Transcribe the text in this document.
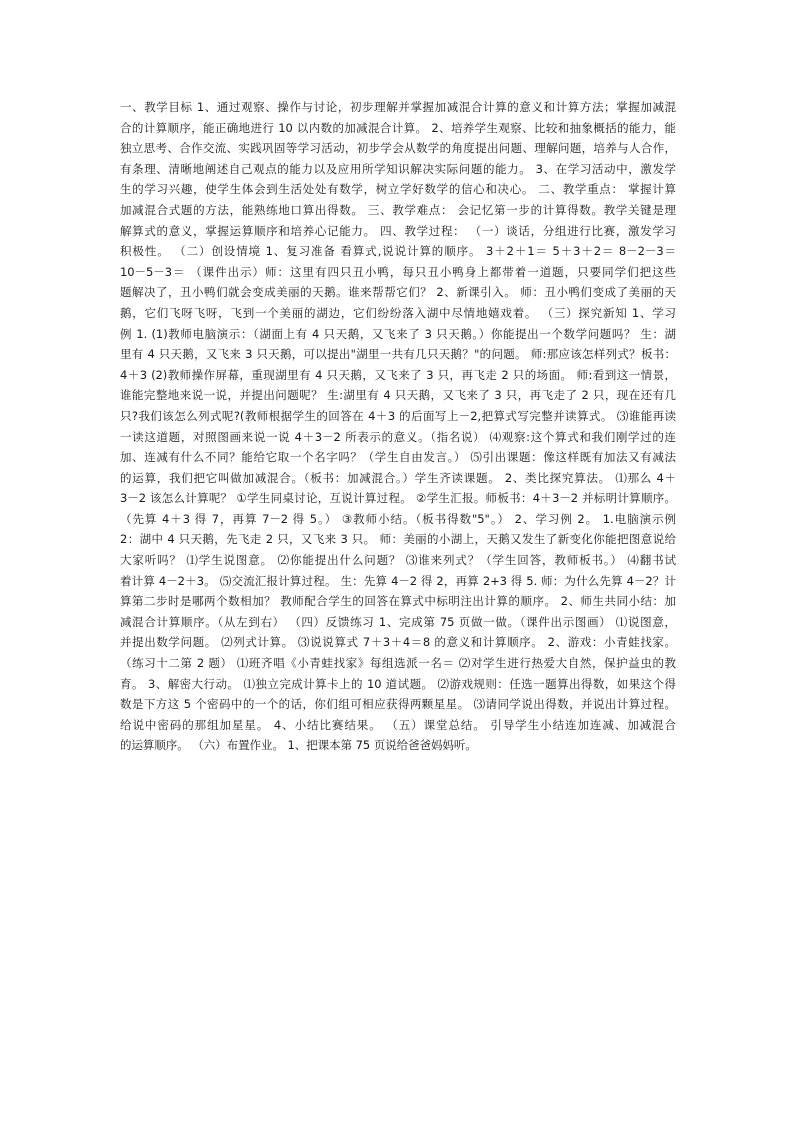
一、教学目标 1、通过观察、操作与讨论，初步理解并掌握加减混合计算的意义和计算方法；掌握加减混
合的计算顺序，能正确地进行 10 以内数的加减混合计算。 2、培养学生观察、比较和抽象概括的能力，能
独立思考、合作交流、实践巩固等学习活动，初步学会从数学的角度提出问题、理解问题，培养与人合作，
有条理、清晰地阐述自己观点的能力以及应用所学知识解决实际问题的能力。 3、在学习活动中，激发学
生的学习兴趣，使学生体会到生活处处有数学，树立学好数学的信心和决心。 二、教学重点： 掌握计算
加减混合式题的方法，能熟练地口算出得数。 三、教学难点： 会记忆第一步的计算得数。教学关键是理
解算式的意义，掌握运算顺序和培养心记能力。 四、教学过程： （一）谈话，分组进行比赛，激发学习
积极性。 （二）创设情境 1、复习准备 看算式,说说计算的顺序。 3＋2＋1＝ 5＋3＋2＝ 8－2－3＝
10－5－3＝ （课件出示）师：这里有四只丑小鸭，每只丑小鸭身上都带着一道题，只要同学们把这些
题解决了，丑小鸭们就会变成美丽的天鹅。谁来帮帮它们？ 2、新课引入。 师：丑小鸭们变成了美丽的天
鹅，它们飞呀飞呀，飞到一个美丽的湖边，它们纷纷落入湖中尽情地嬉戏着。 （三）探究新知 1、学习
例 1. (1)教师电脑演示：（湖面上有 4 只天鹅，又飞来了 3 只天鹅。）你能提出一个数学问题吗？ 生：湖
里有 4 只天鹅，又飞来 3 只天鹅，可以提出"湖里一共有几只天鹅？"的问题。 师:那应该怎样列式？板书：
4＋3 (2)教师操作屏幕，重现湖里有 4 只天鹅，又飞来了 3 只，再飞走 2 只的场面。 师:看到这一情景，
谁能完整地来说一说，并提出问题呢？ 生:湖里有 4 只天鹅，又飞来了 3 只，再飞走了 2 只，现在还有几
只?我们该怎么列式呢?(教师根据学生的回答在 4＋3 的后面写上－2,把算式写完整并读算式。 ⑶谁能再读
一读这道题，对照图画来说一说 4＋3－2 所表示的意义。（指名说） ⑷观察:这个算式和我们刚学过的连
加、连减有什么不同？能给它取一个名字吗？（学生自由发言。） ⑸引出课题：像这样既有加法又有减法
的运算，我们把它叫做加减混合。（板书：加减混合。）学生齐读课题。 2、类比探究算法。 ⑴那么 4＋
3－2 该怎么计算呢？ ①学生同桌讨论，互说计算过程。 ②学生汇报。师板书：4＋3－2 并标明计算顺序。
（先算 4＋3 得 7，再算 7－2 得 5。） ③教师小结。（板书得数"5"。） 2、学习例 2。 1.电脑演示例
2：湖中 4 只天鹅，先飞走 2 只，又飞来 3 只。 师：美丽的小湖上，天鹅又发生了新变化你能把图意说给
大家听吗？ ⑴学生说图意。 ⑵你能提出什么问题？ ⑶谁来列式？（学生回答，教师板书。） ⑷翻书试
着计算 4－2＋3。 ⑸交流汇报计算过程。 生：先算 4－2 得 2，再算 2+3 得 5. 师：为什么先算 4－2？计
算第二步时是哪两个数相加？ 教师配合学生的回答在算式中标明注出计算的顺序。 2、师生共同小结：加
减混合计算顺序。（从左到右） （四）反馈练习 1、完成第 75 页做一做。（课件出示图画） ⑴说图意，
并提出数学问题。 ⑵列式计算。 ⑶说说算式 7＋3＋4＝8 的意义和计算顺序。 2、游戏：小青蛙找家。
（练习十二第 2 题） ⑴班齐唱《小青蛙找家》每组选派一名＝ ⑵对学生进行热爱大自然，保护益虫的教
育。 3、解密大行动。 ⑴独立完成计算卡上的 10 道试题。 ⑵游戏规则：任选一题算出得数，如果这个得
数是下方这 5 个密码中的一个的话，你们组可相应获得两颗星星。 ⑶请同学说出得数，并说出计算过程。
给说中密码的那组加星星。 4、小结比赛结果。 （五）课堂总结。 引导学生小结连加连减、加减混合
的运算顺序。 （六）布置作业。 1、把课本第 75 页说给爸爸妈妈听。
